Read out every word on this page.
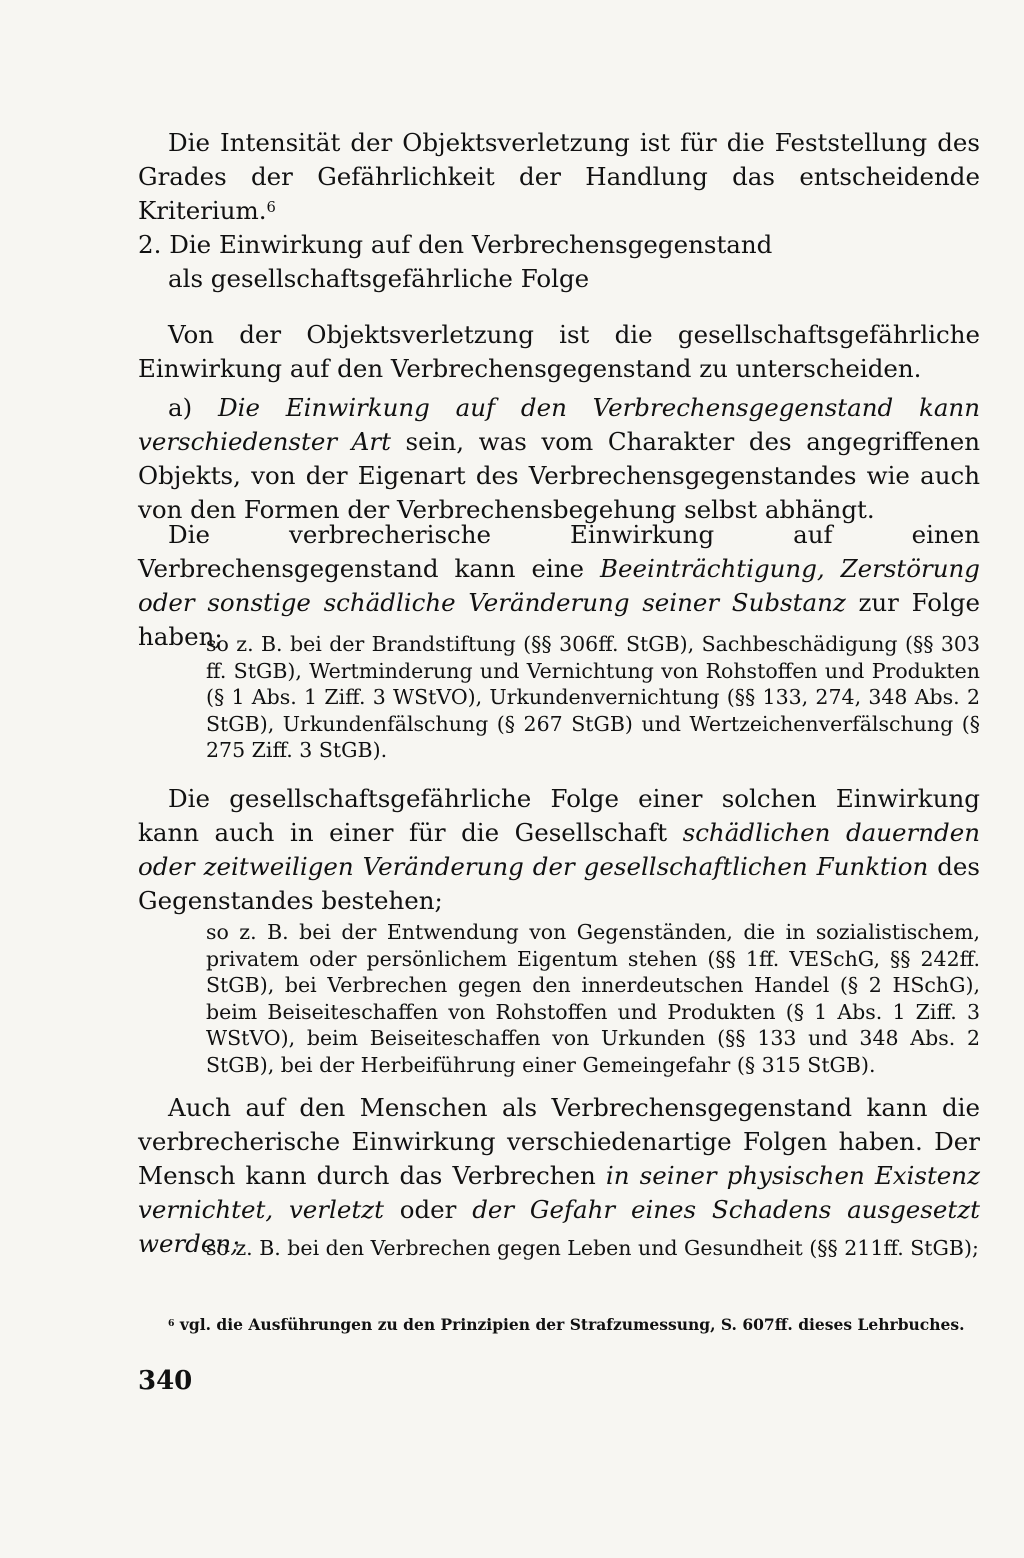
Die Intensität der Objektsverletzung ist für die Feststellung des Grades der Gefährlichkeit der Handlung das entscheidende Kriterium.$^6$

2. Die Einwirkung auf den Verbrechensgegenstand
als gesellschaftsgefährliche Folge

Von der Objektsverletzung ist die gesellschaftsgefährliche Einwirkung auf den Verbrechensgegenstand zu unterscheiden.

a) Die Einwirkung auf den Verbrechensgegenstand kann verschiedenster Art sein, was vom Charakter des angegriffenen Objekts, von der Eigenart des Verbrechensgegenstandes wie auch von den Formen der Verbrechensbegehung selbst abhängt.

Die verbrecherische Einwirkung auf einen Verbrechensgegenstand kann eine Beeinträchtigung, Zerstörung oder sonstige schädliche Veränderung seiner Substanz zur Folge haben;

so z. B. bei der Brandstiftung (§§ 306ff. StGB), Sachbeschädigung (§§ 303 ff. StGB), Wertminderung und Vernichtung von Rohstoffen und Produkten (§ 1 Abs. 1 Ziff. 3 WStVO), Urkundenvernichtung (§§ 133, 274, 348 Abs. 2 StGB), Urkundenfälschung (§ 267 StGB) und Wertzeichenverfälschung (§ 275 Ziff. 3 StGB).

Die gesellschaftsgefährliche Folge einer solchen Einwirkung kann auch in einer für die Gesellschaft schädlichen dauernden oder zeitweiligen Veränderung der gesellschaftlichen Funktion des Gegenstandes bestehen;

so z. B. bei der Entwendung von Gegenständen, die in sozialistischem, privatem oder persönlichem Eigentum stehen (§§ 1ff. VESchG, §§ 242ff. StGB), bei Verbrechen gegen den innerdeutschen Handel (§ 2 HSchG), beim Beiseiteschaffen von Rohstoffen und Produkten (§ 1 Abs. 1 Ziff. 3 WStVO), beim Beiseiteschaffen von Urkunden (§§ 133 und 348 Abs. 2 StGB), bei der Herbeiführung einer Gemeingefahr (§ 315 StGB).

Auch auf den Menschen als Verbrechensgegenstand kann die verbrecherische Einwirkung verschiedenartige Folgen haben. Der Mensch kann durch das Verbrechen in seiner physischen Existenz vernichtet, verletzt oder der Gefahr eines Schadens ausgesetzt werden;

so z. B. bei den Verbrechen gegen Leben und Gesundheit (§§ 211ff. StGB);

$^6$ vgl. die Ausführungen zu den Prinzipien der Strafzumessung, S. 607ff. dieses Lehrbuches.

340
